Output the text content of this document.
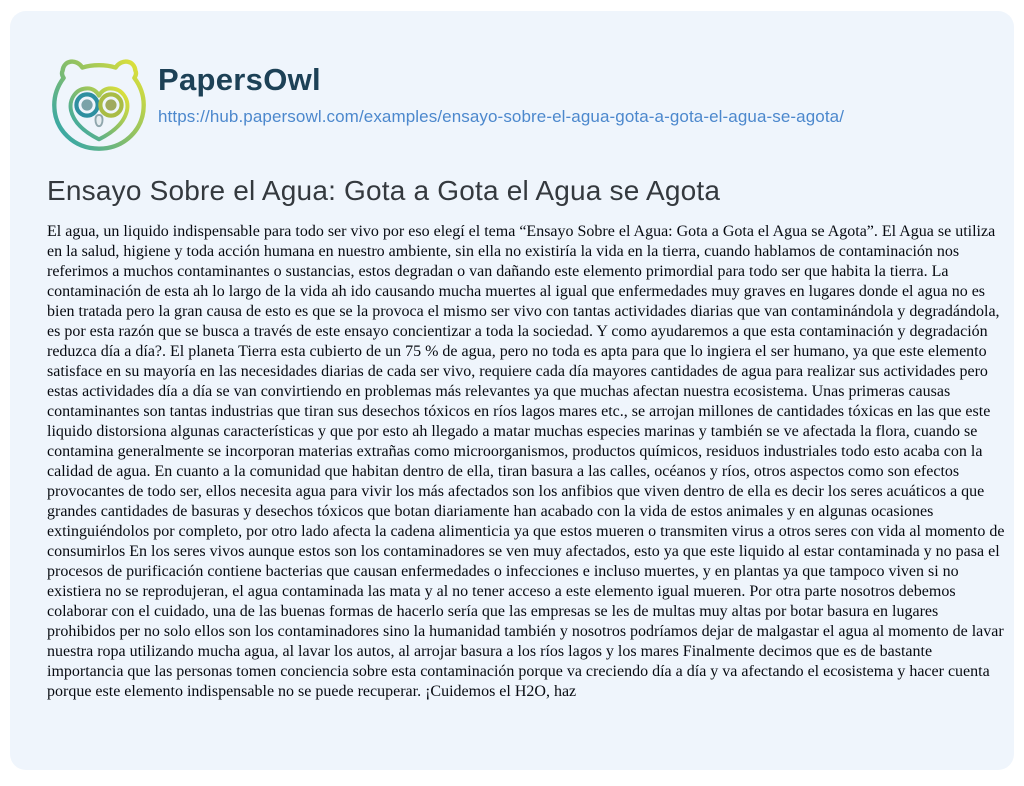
PapersOwl
https://hub.papersowl.com/examples/ensayo-sobre-el-agua-gota-a-gota-el-agua-se-agota/
Ensayo Sobre el Agua: Gota a Gota el Agua se Agota

El agua, un liquido indispensable para todo ser vivo por eso elegí el tema “Ensayo Sobre el Agua: Gota a Gota el Agua se Agota”. El Agua se utiliza en la salud, higiene y toda acción humana en nuestro ambiente, sin ella no existiría la vida en la tierra, cuando hablamos de contaminación nos referimos a muchos contaminantes o sustancias, estos degradan o van dañando este elemento primordial para todo ser que habita la tierra. La contaminación de esta ah lo largo de la vida ah ido causando mucha muertes al igual que enfermedades muy graves en lugares donde el agua no es bien tratada pero la gran causa de esto es que se la provoca el mismo ser vivo con tantas actividades diarias que van contaminándola y degradándola, es por esta razón que se busca a través de este ensayo concientizar a toda la sociedad. Y como ayudaremos a que esta contaminación y degradación reduzca día a día?. El planeta Tierra esta cubierto de un 75 % de agua, pero no toda es apta para que lo ingiera el ser humano, ya que este elemento satisface en su mayoría en las necesidades diarias de cada ser vivo, requiere cada día mayores cantidades de agua para realizar sus actividades pero estas actividades día a día se van convirtiendo en problemas más relevantes ya que muchas afectan nuestra ecosistema. Unas primeras causas contaminantes son tantas industrias que tiran sus desechos tóxicos en ríos lagos mares etc., se arrojan millones de cantidades tóxicas en las que este liquido distorsiona algunas características y que por esto ah llegado a matar muchas especies marinas y también se ve afectada la flora, cuando se contamina generalmente se incorporan materias extrañas como microorganismos, productos químicos, residuos industriales todo esto acaba con la calidad de agua. En cuanto a la comunidad que habitan dentro de ella, tiran basura a las calles, océanos y ríos, otros aspectos como son efectos provocantes de todo ser, ellos necesita agua para vivir los más afectados son los anfibios que viven dentro de ella es decir los seres acuáticos a que grandes cantidades de basuras y desechos tóxicos que botan diariamente han acabado con la vida de estos animales y en algunas ocasiones extinguiéndolos por completo, por otro lado afecta la cadena alimenticia ya que estos mueren o transmiten virus a otros seres con vida al momento de consumirlos En los seres vivos aunque estos son los contaminadores se ven muy afectados, esto ya que este liquido al estar contaminada y no pasa el procesos de purificación contiene bacterias que causan enfermedades o infecciones e incluso muertes, y en plantas ya que tampoco viven si no existiera no se reprodujeran, el agua contaminada las mata y al no tener acceso a este elemento igual mueren. Por otra parte nosotros debemos colaborar con el cuidado, una de las buenas formas de hacerlo sería que las empresas se les de multas muy altas por botar basura en lugares prohibidos per no solo ellos son los contaminadores sino la humanidad también y nosotros podríamos dejar de malgastar el agua al momento de lavar nuestra ropa utilizando mucha agua, al lavar los autos, al arrojar basura a los ríos lagos y los mares Finalmente decimos que es de bastante importancia que las personas tomen conciencia sobre esta contaminación porque va creciendo día a día y va afectando el ecosistema y hacer cuenta porque este elemento indispensable no se puede recuperar. ¡Cuidemos el H2O, haz
